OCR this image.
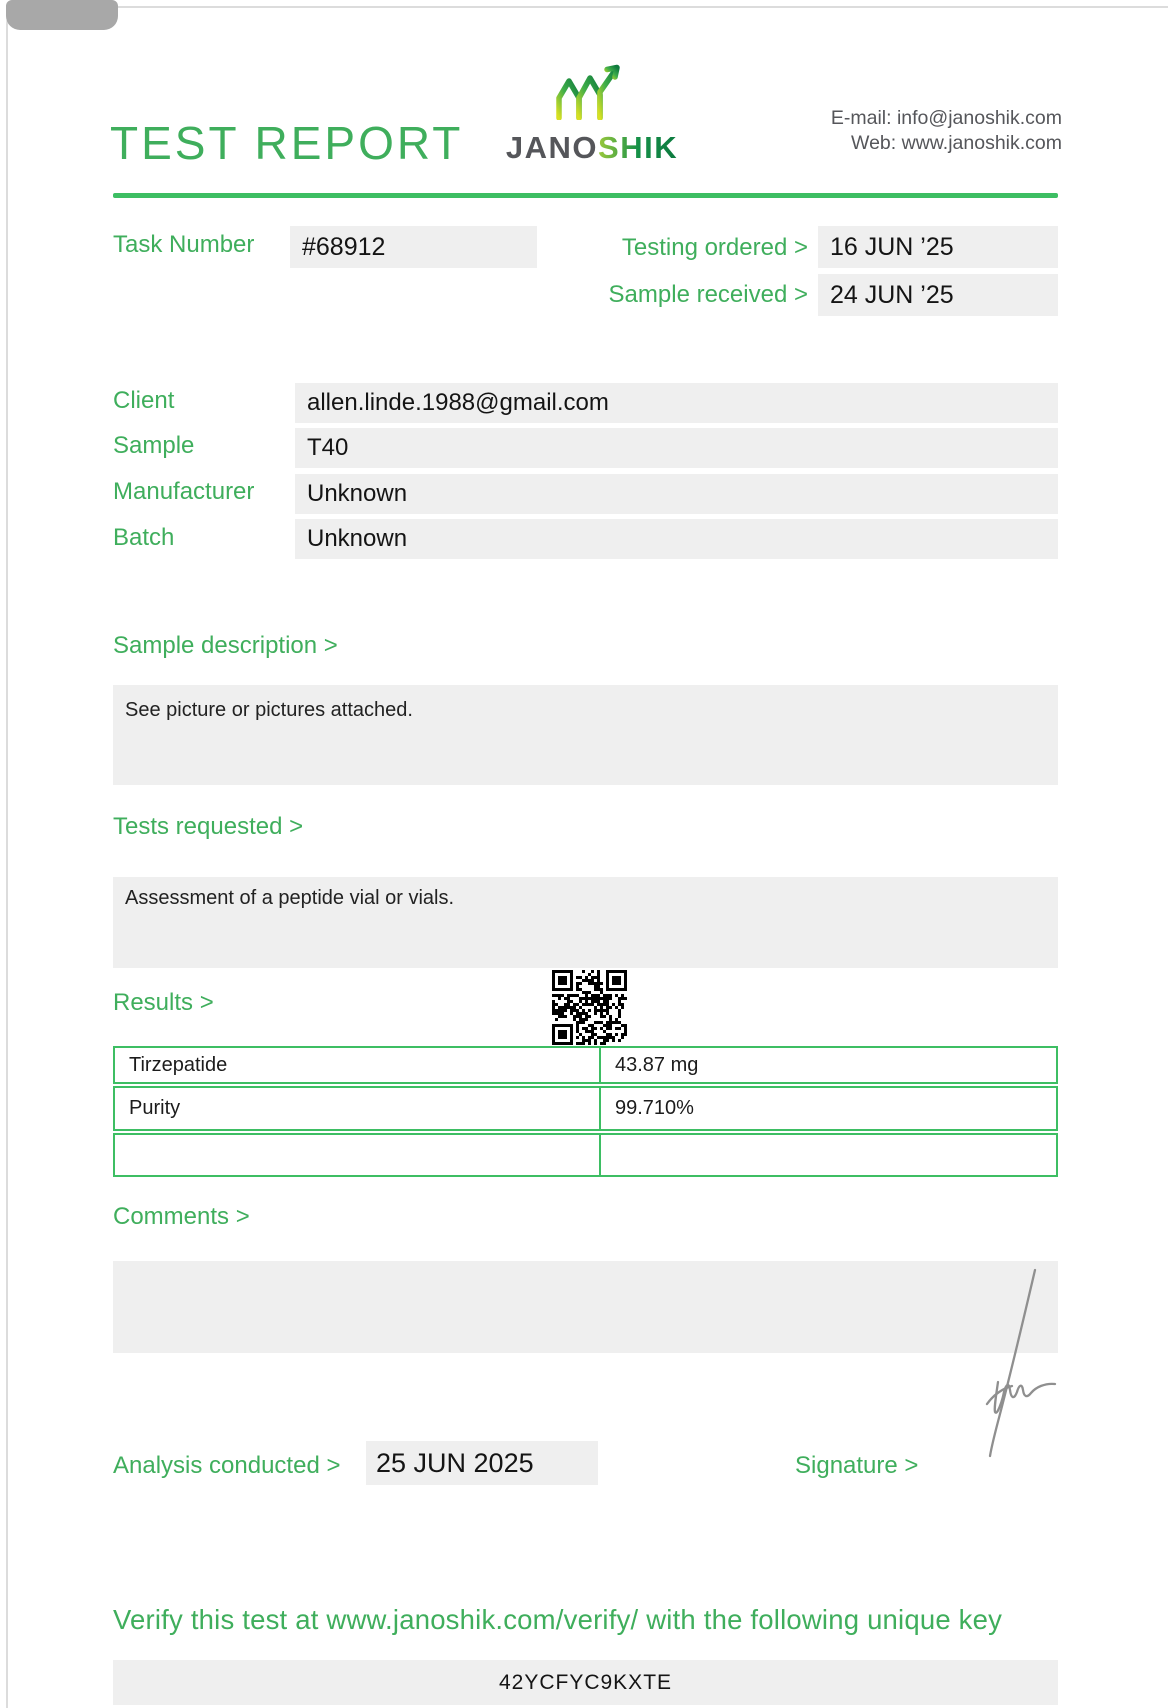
TEST REPORT	JANOSHIK
E-mail: info@janoshik.com
Web: www.janoshik.com
Task Number	#68912	Testing ordered > 16 JUN ’25
Sample received > 24 JUN ’25
Client	allen.linde.1988@gmail.com
Sample	T40
Manufacturer	Unknown
Batch	Unknown
Sample description >
See picture or pictures attached.
Tests requested >
Assessment of a peptide vial or vials.
Results >
Tirzepatide	43.87 mg
Purity	99.710%
Comments >
Analysis conducted >	25 JUN 2025	Signature >
Verify this test at www.janoshik.com/verify/ with the following unique key
42YCFYC9KXTE
